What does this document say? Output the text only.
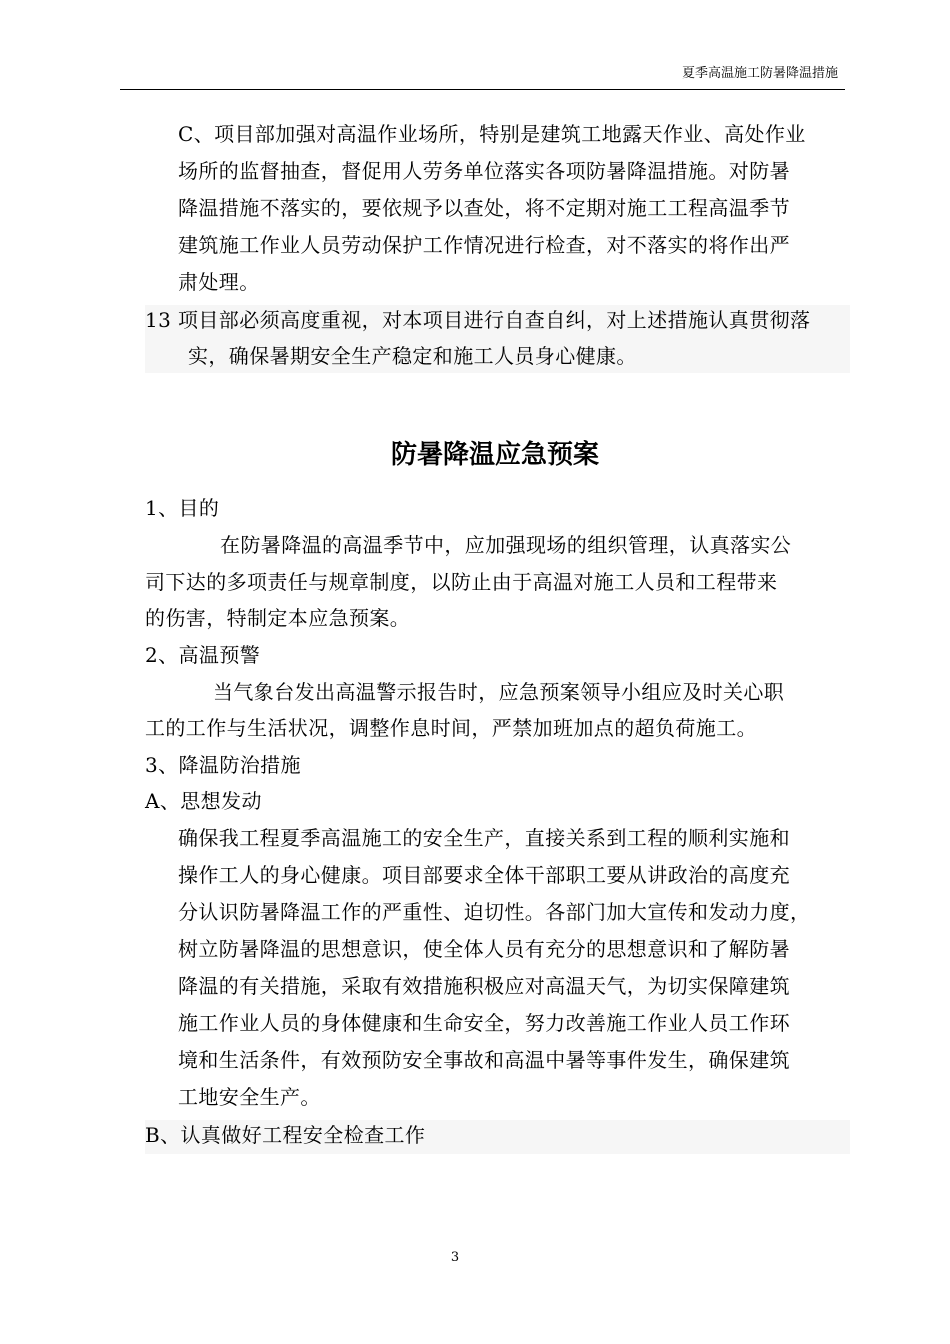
夏季高温施工防暑降温措施
C、项目部加强对高温作业场所，特别是建筑工地露天作业、高处作业
场所的监督抽查，督促用人劳务单位落实各项防暑降温措施。对防暑
降温措施不落实的，要依规予以查处，将不定期对施工工程高温季节
建筑施工作业人员劳动保护工作情况进行检查，对不落实的将作出严
肃处理。
13 项目部必须高度重视，对本项目进行自查自纠，对上述措施认真贯彻落
实，确保暑期安全生产稳定和施工人员身心健康。
防暑降温应急预案
1、目的
在防暑降温的高温季节中，应加强现场的组织管理，认真落实公
司下达的多项责任与规章制度，以防止由于高温对施工人员和工程带来
的伤害，特制定本应急预案。
2、高温预警
当气象台发出高温警示报告时，应急预案领导小组应及时关心职
工的工作与生活状况，调整作息时间，严禁加班加点的超负荷施工。
3、降温防治措施
A、思想发动
确保我工程夏季高温施工的安全生产，直接关系到工程的顺利实施和
操作工人的身心健康。项目部要求全体干部职工要从讲政治的高度充
分认识防暑降温工作的严重性、迫切性。各部门加大宣传和发动力度，
树立防暑降温的思想意识，使全体人员有充分的思想意识和了解防暑
降温的有关措施，采取有效措施积极应对高温天气，为切实保障建筑
施工作业人员的身体健康和生命安全，努力改善施工作业人员工作环
境和生活条件，有效预防安全事故和高温中暑等事件发生，确保建筑
工地安全生产。
B、认真做好工程安全检查工作
3
